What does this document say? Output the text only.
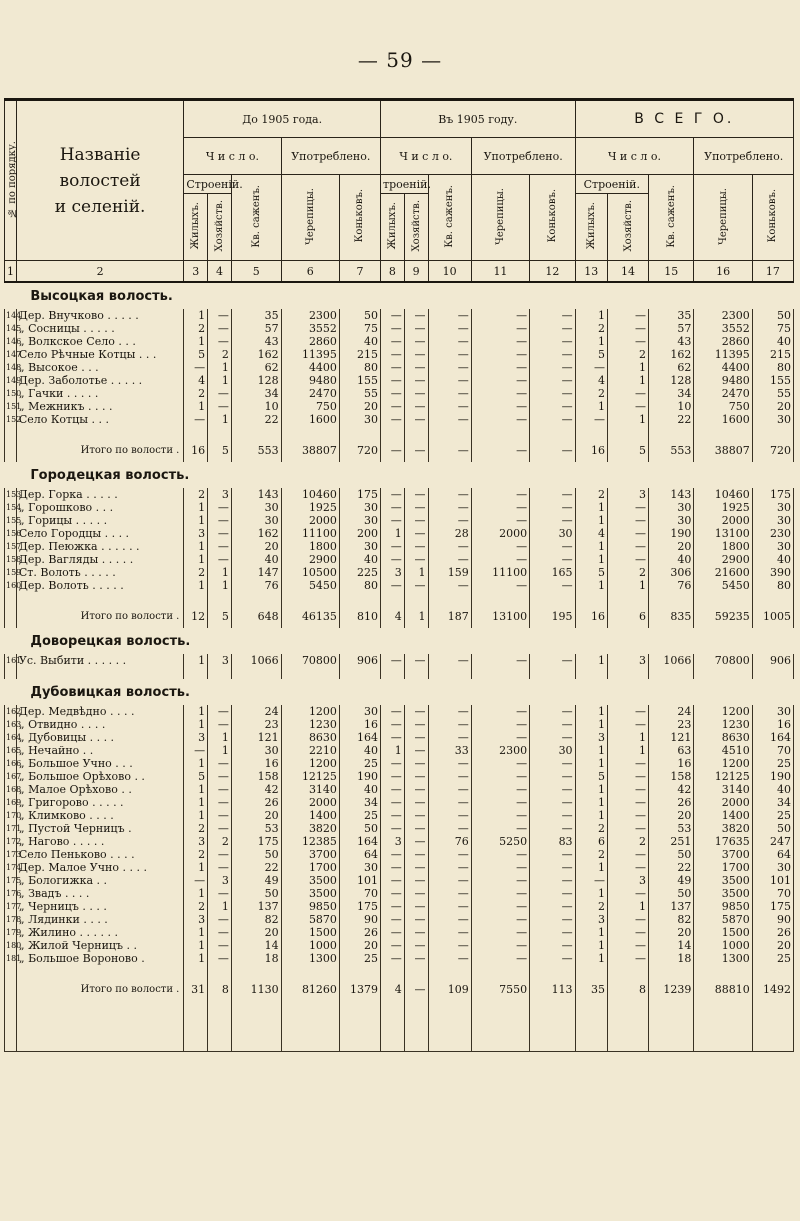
— 59 —
№ по порядку.	Названіе волостей
и селеній.	До 1905 года.					Въ 1905 году.					В С Е Г О.				
		Ч и с л о.			Употреблено.		Ч и с л о.			Употреблено.		Ч и с л о.			Употреблено.	
		Строеній.		Кв. саженъ.	Черепицы.	Коньковъ.	троеній.		Кв. саженъ.	Черепицы.	Коньковъ.	Строеній.		Кв. саженъ.	Черепицы.	Коньковъ.
		Жилыхъ.	Хозяйств.				Жилыхъ.	Хозяйств.				Жилыхъ.	Хозяйств.			
1	2	3	4	5	6	7	8	9	10	11	12	13	14	15	16	17
	Высоцкая волость.															
144	Дер. Внучково . . . . .	1	—	35	2300	50	—	—	—	—	—	1	—	35	2300	50
145	„ Сосницы . . . . .	2	—	57	3552	75	—	—	—	—	—	2	—	57	3552	75
146	„ Волкское Село . . .	1	—	43	2860	40	—	—	—	—	—	1	—	43	2860	40
147	Село Рѣчные Котцы . . .	5	2	162	11395	215	—	—	—	—	—	5	2	162	11395	215
148	„ Высокое . . .	—	1	62	4400	80	—	—	—	—	—	—	1	62	4400	80
149	Дер. Заболотье . . . . .	4	1	128	9480	155	—	—	—	—	—	4	1	128	9480	155
150	„ Гачки . . . . .	2	—	34	2470	55	—	—	—	—	—	2	—	34	2470	55
151	„ Межникъ . . . .	1	—	10	750	20	—	—	—	—	—	1	—	10	750	20
152	Село Котцы . . .	—	1	22	1600	30	—	—	—	—	—	—	1	22	1600	30

	Итого по волости .	16	5	553	38807	720	—	—	—	—	—	16	5	553	38807	720
	Городецкая волость.															
153	Дер. Горка . . . . .	2	3	143	10460	175	—	—	—	—	—	2	3	143	10460	175
154	„ Горошково . . .	1	—	30	1925	30	—	—	—	—	—	1	—	30	1925	30
155	„ Горицы . . . . .	1	—	30	2000	30	—	—	—	—	—	1	—	30	2000	30
156	Село Городцы . . . .	3	—	162	11100	200	1	—	28	2000	30	4	—	190	13100	230
157	Дер. Пеюжка . . . . . .	1	—	20	1800	30	—	—	—	—	—	1	—	20	1800	30
158	Дер. Вагляды . . . . .	1	—	40	2900	40	—	—	—	—	—	1	—	40	2900	40
159	Ст. Волоть . . . . .	2	1	147	10500	225	3	1	159	11100	165	5	2	306	21600	390
160	Дер. Волоть . . . . .	1	1	76	5450	80	—	—	—	—	—	1	1	76	5450	80

	Итого по волости .	12	5	648	46135	810	4	1	187	13100	195	16	6	835	59235	1005
	Доворецкая волость.															
161	Ус. Выбити . . . . . .	1	3	1066	70800	906	—	—	—	—	—	1	3	1066	70800	906

	Дубовицкая волость.															
162	Дер. Медвѣдно . . . .	1	—	24	1200	30	—	—	—	—	—	1	—	24	1200	30
163	„ Отвидно . . . .	1	—	23	1230	16	—	—	—	—	—	1	—	23	1230	16
164	„ Дубовицы . . . .	3	1	121	8630	164	—	—	—	—	—	3	1	121	8630	164
165	„ Нечайно . .	—	1	30	2210	40	1	—	33	2300	30	1	1	63	4510	70
166	„ Большое Учно . . .	1	—	16	1200	25	—	—	—	—	—	1	—	16	1200	25
167	„ Большое Орѣхово . .	5	—	158	12125	190	—	—	—	—	—	5	—	158	12125	190
168	„ Малое Орѣхово . .	1	—	42	3140	40	—	—	—	—	—	1	—	42	3140	40
169	„ Григорово . . . . .	1	—	26	2000	34	—	—	—	—	—	1	—	26	2000	34
170	„ Климково . . . .	1	—	20	1400	25	—	—	—	—	—	1	—	20	1400	25
171	„ Пустой Черницъ .	2	—	53	3820	50	—	—	—	—	—	2	—	53	3820	50
172	„ Нагово . . . . .	3	2	175	12385	164	3	—	76	5250	83	6	2	251	17635	247
173	Село Пеньково . . . .	2	—	50	3700	64	—	—	—	—	—	2	—	50	3700	64
174	Дер. Малое Учно . . . .	1	—	22	1700	30	—	—	—	—	—	1	—	22	1700	30
175	„ Бологижка . .	—	3	49	3500	101	—	—	—	—	—	—	3	49	3500	101
176	„ Звадъ . . . .	1	—	50	3500	70	—	—	—	—	—	1	—	50	3500	70
177	„ Черницъ . . . .	2	1	137	9850	175	—	—	—	—	—	2	1	137	9850	175
178	„ Лядинки . . . .	3	—	82	5870	90	—	—	—	—	—	3	—	82	5870	90
179	„ Жилино . . . . . .	1	—	20	1500	26	—	—	—	—	—	1	—	20	1500	26
180	„ Жилой Черницъ . .	1	—	14	1000	20	—	—	—	—	—	1	—	14	1000	20
181	„ Большое Вороново .	1	—	18	1300	25	—	—	—	—	—	1	—	18	1300	25

	Итого по волости .	31	8	1130	81260	1379	4	—	109	7550	113	35	8	1239	88810	1492
